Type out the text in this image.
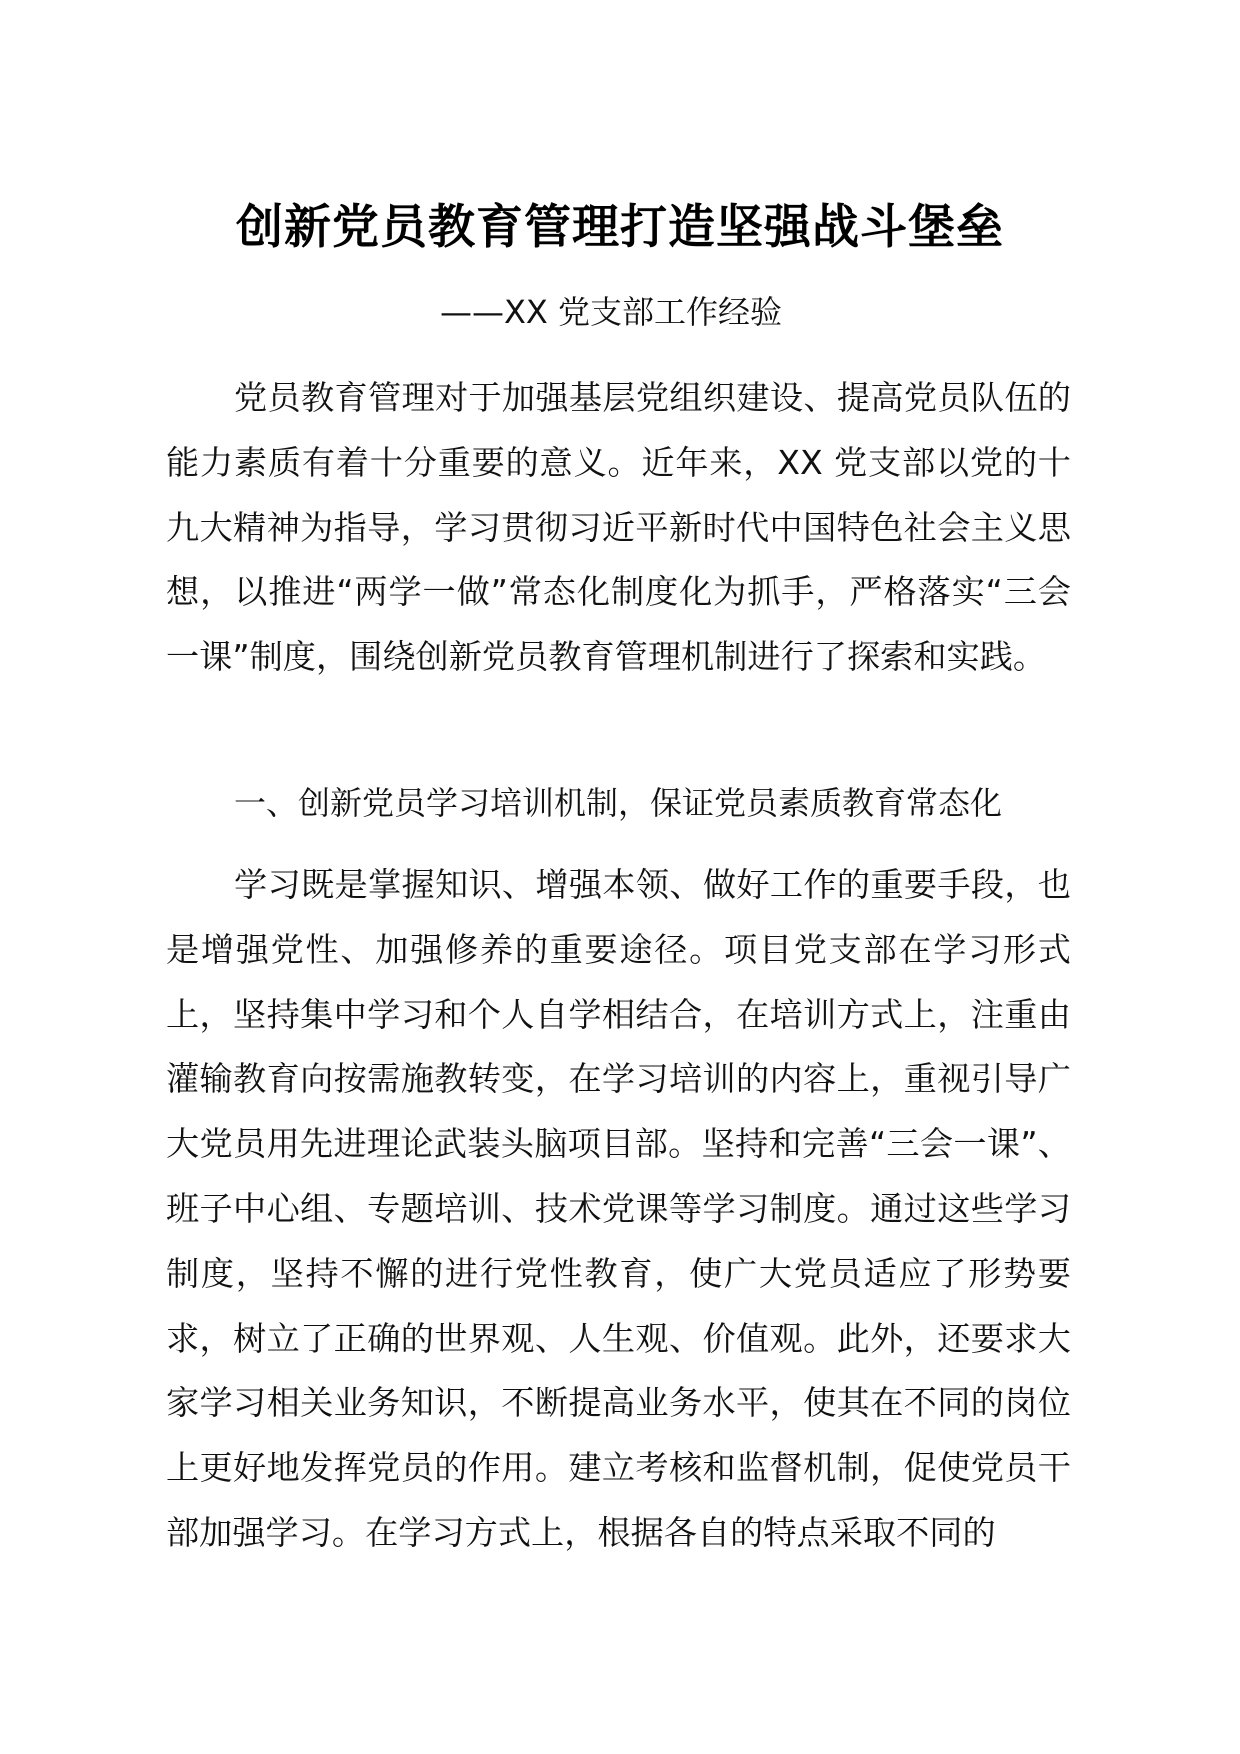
创新党员教育管理打造坚强战斗堡垒
——XX 党支部工作经验

党员教育管理对于加强基层党组织建设、提高党员队伍的能力素质有着十分重要的意义。近年来，XX 党支部以党的十九大精神为指导，学习贯彻习近平新时代中国特色社会主义思想，以推进“两学一做”常态化制度化为抓手，严格落实“三会一课”制度，围绕创新党员教育管理机制进行了探索和实践。

一、创新党员学习培训机制，保证党员素质教育常态化

学习既是掌握知识、增强本领、做好工作的重要手段，也是增强党性、加强修养的重要途径。项目党支部在学习形式上，坚持集中学习和个人自学相结合，在培训方式上，注重由灌输教育向按需施教转变，在学习培训的内容上，重视引导广大党员用先进理论武装头脑项目部。坚持和完善“三会一课”、班子中心组、专题培训、技术党课等学习制度。通过这些学习制度，坚持不懈的进行党性教育，使广大党员适应了形势要求，树立了正确的世界观、人生观、价值观。此外，还要求大家学习相关业务知识，不断提高业务水平，使其在不同的岗位上更好地发挥党员的作用。建立考核和监督机制，促使党员干部加强学习。在学习方式上，根据各自的特点采取不同的
